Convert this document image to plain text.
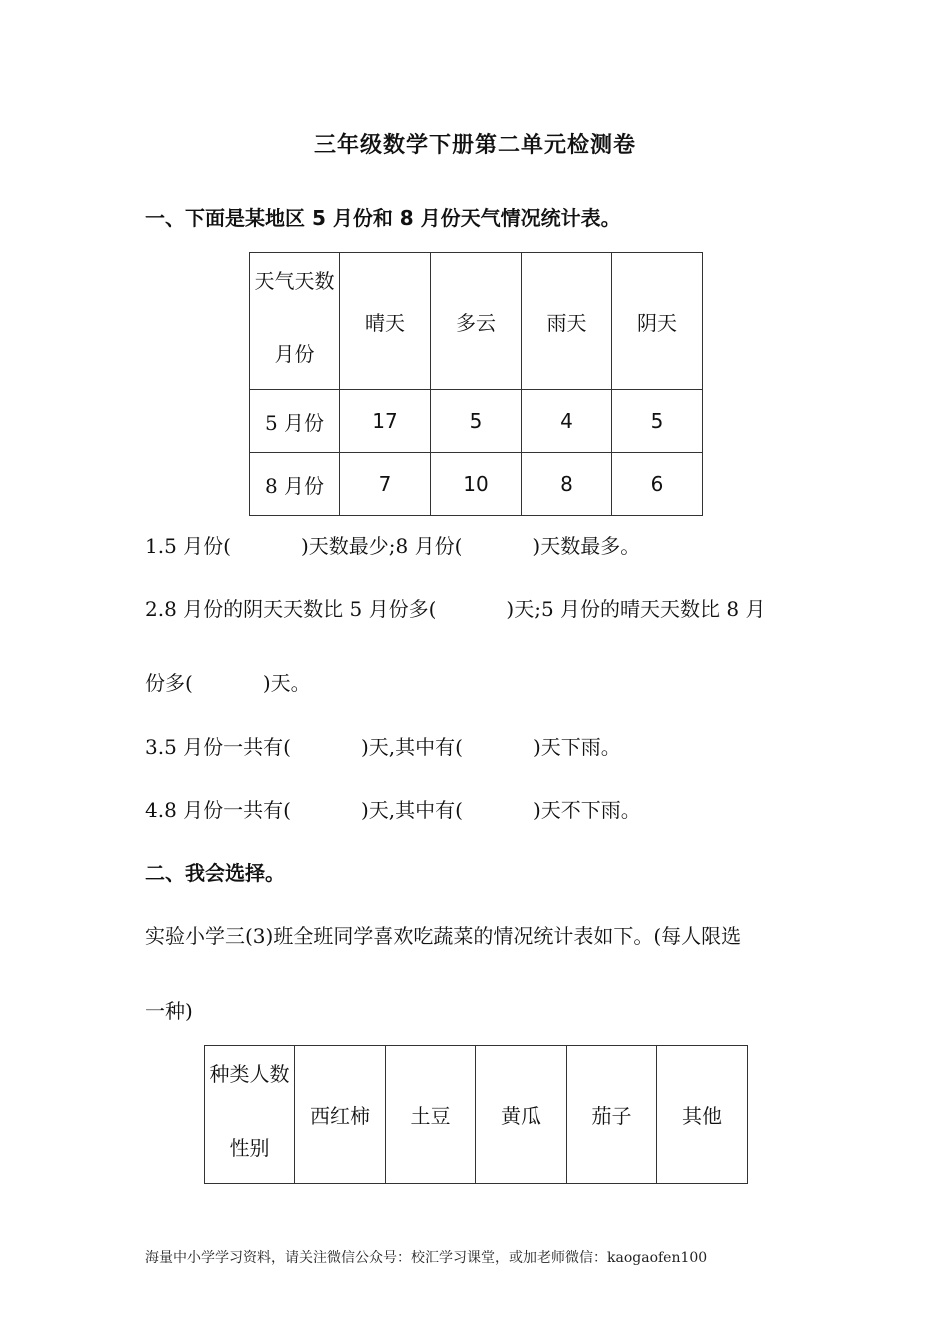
三年级数学下册第二单元检测卷
一、下面是某地区 5 月份和 8 月份天气情况统计表。
天气天数
月份	晴天	多云	雨天	阴天
5 月份	17	5	4	5
8 月份	7	10	8	6
1.5 月份(	)天数最少;8 月份(	)天数最多。
2.8 月份的阴天天数比 5 月份多(	)天;5 月份的晴天天数比 8 月
份多(	)天。
3.5 月份一共有(	)天,其中有(	)天下雨。
4.8 月份一共有(	)天,其中有(	)天不下雨。
二、我会选择。
实验小学三(3)班全班同学喜欢吃蔬菜的情况统计表如下。(每人限选
一种)
种类人数
性别
	西红柿	土豆	黄瓜	茄子	其他
海量中小学学习资料，请关注微信公众号：校汇学习课堂，或加老师微信：kaogaofen100
